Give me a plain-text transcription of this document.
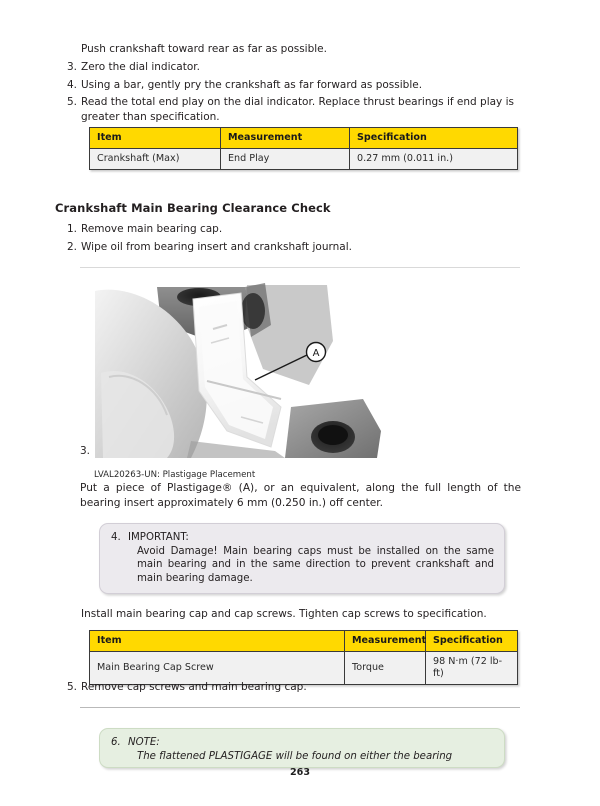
Push crankshaft toward rear as far as possible.
3. Zero the dial indicator.
4. Using a bar, gently pry the crankshaft as far forward as possible.
5. Read the total end play on the dial indicator. Replace thrust bearings if end play is greater than specification.
Item	Measurement	Specification
Crankshaft (Max)	End Play	0.27 mm (0.011 in.)
Crankshaft Main Bearing Clearance Check
1. Remove main bearing cap.
2. Wipe oil from bearing insert and crankshaft journal.
A
3.
LVAL20263-UN: Plastigage Placement
Put a piece of Plastigage® (A), or an equivalent, along the full length of the bearing insert approximately 6 mm (0.250 in.) off center.
4. IMPORTANT:
Avoid Damage! Main bearing caps must be installed on the same main bearing and in the same direction to prevent crankshaft and main bearing damage.
Install main bearing cap and cap screws. Tighten cap screws to specification.
Item	Measurement	Specification
Main Bearing Cap Screw	Torque	98 N·m (72 lb-ft)
5. Remove cap screws and main bearing cap.
6. NOTE:
The flattened PLASTIGAGE will be found on either the bearing
263
